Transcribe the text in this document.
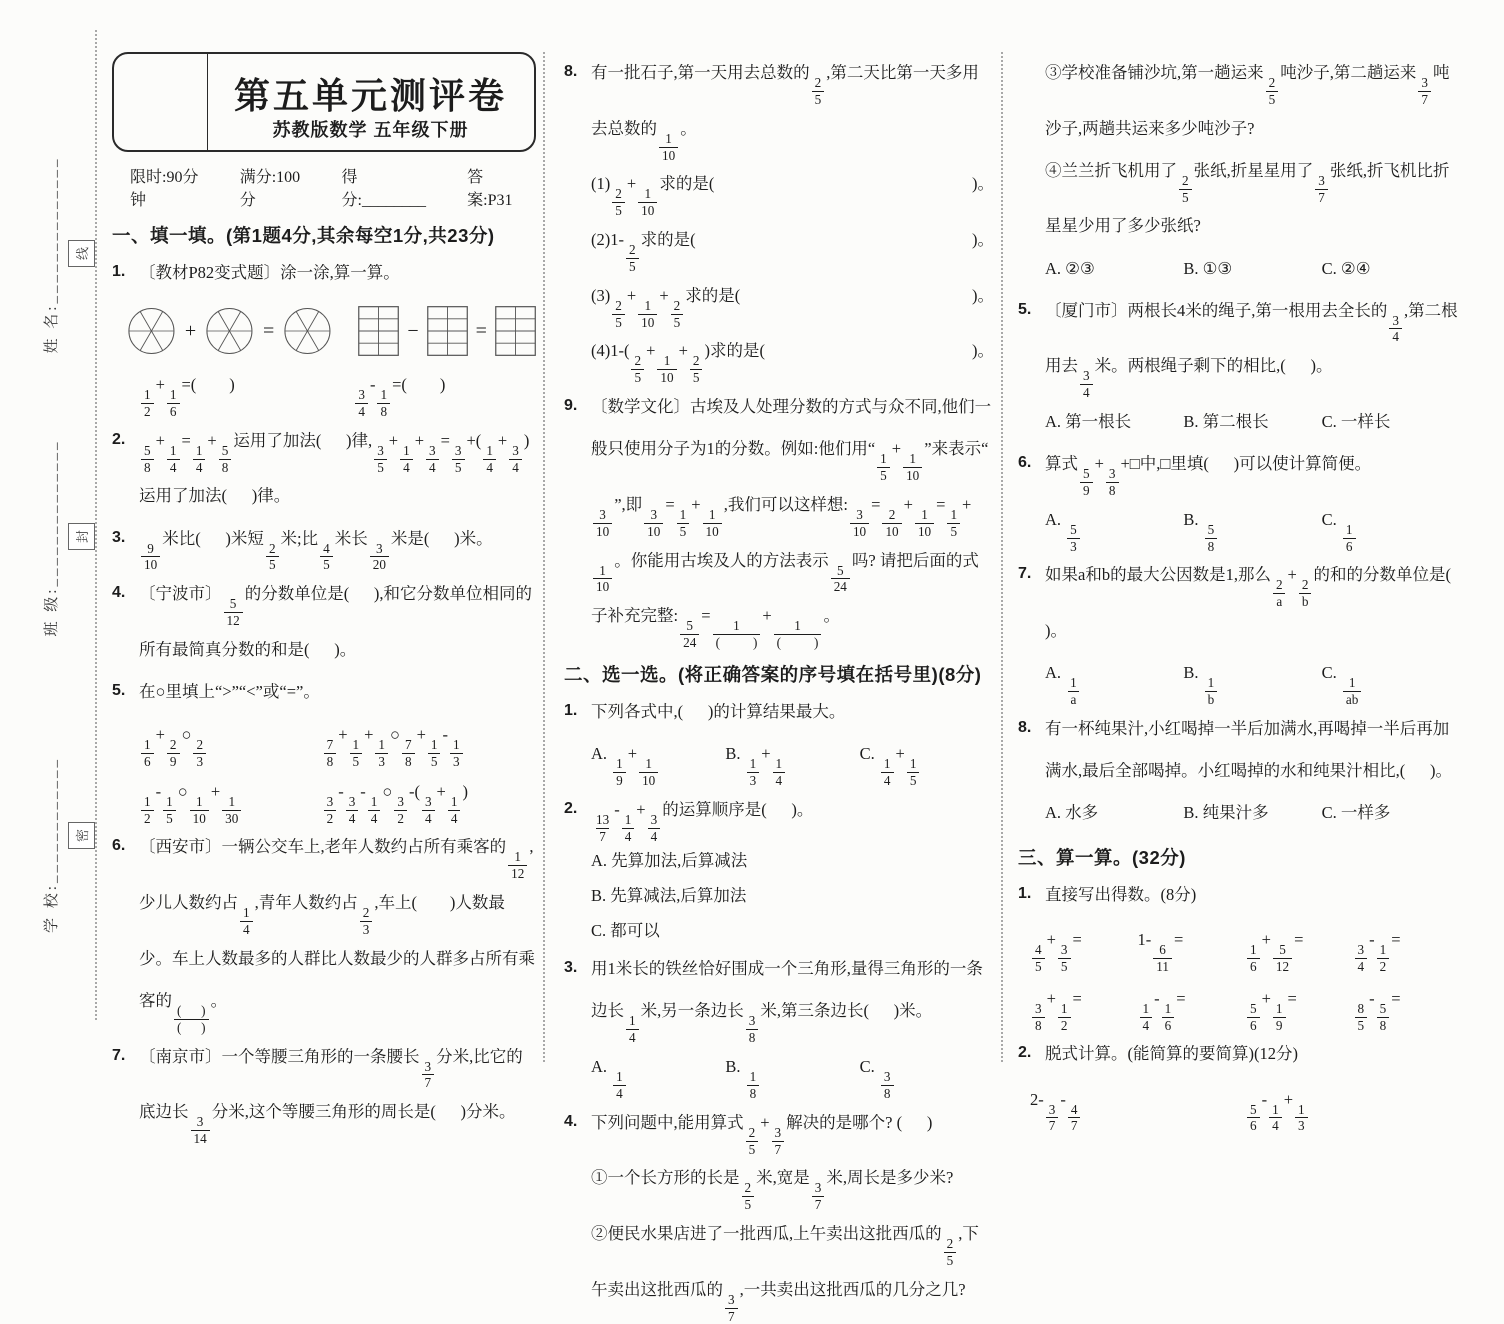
姓 名:______________
班 级:______________
学 校:____________
线
封
密
第五单元测评卷
苏教版数学 五年级下册
限时:90分钟
满分:100分
得分:________
答案:P31
一、填一填。(第1题4分,其余每空1分,共23分)
1. 〔教材P82变式题〕涂一涂,算一算。
+	=	−	=
$\frac{1}{2}$
+
$\frac{1}{6}$
=(        )
$\frac{3}{4}$
-
$\frac{1}{8}$
=(        )
2.
$\frac{5}{8}$
+
$\frac{1}{4}$
=
$\frac{1}{4}$
+
$\frac{5}{8}$
运用了加法(      )律,
$\frac{3}{5}$
+
$\frac{1}{4}$
+
$\frac{3}{4}$
=
$\frac{3}{5}$
+(
$\frac{1}{4}$
+
$\frac{3}{4}$
)运用了加法(      )律。
3.
$\frac{9}{10}$
米比(      )米短
$\frac{2}{5}$
米;比
$\frac{4}{5}$
米长
$\frac{3}{20}$
米是(      )米。
4. 〔宁波市〕
$\frac{5}{12}$
的分数单位是(      ),和它分数单位相同的所有最简真分数的和是(      )。
5. 在○里填上“>”“<”或“=”。
$\frac{1}{6}$
+
$\frac{2}{9}$
○
$\frac{2}{3}$	$\frac{7}{8}$
+
$\frac{1}{5}$
+
$\frac{1}{3}$
○
$\frac{7}{8}$
+
$\frac{1}{5}$
-
$\frac{1}{3}$
$\frac{1}{2}$
-
$\frac{1}{5}$
○
$\frac{1}{10}$
+
$\frac{1}{30}$	$\frac{3}{2}$
-
$\frac{3}{4}$
-
$\frac{1}{4}$
○
$\frac{3}{2}$
-(
$\frac{3}{4}$
+
$\frac{1}{4}$
)
6. 〔西安市〕一辆公交车上,老年人数约占所有乘客的
$\frac{1}{12}$
,少儿人数约占
$\frac{1}{4}$
,青年人数约占
$\frac{2}{3}$
,车上(        )人数最少。车上人数最多的人群比人数最少的人群多占所有乘客的
$\frac{( )}{( )}$
。
7. 〔南京市〕一个等腰三角形的一条腰长
$\frac{3}{7}$
分米,比它的底边长
$\frac{3}{14}$
分米,这个等腰三角形的周长是(      )分米。
8. 有一批石子,第一天用去总数的
$\frac{2}{5}$
,第二天比第一天多用去总数的
$\frac{1}{10}$
。
(1)
$\frac{2}{5}$
+
$\frac{1}{10}$
求的是(	)。
(2)1-
$\frac{2}{5}$
求的是(	)。
(3)
$\frac{2}{5}$
+
$\frac{1}{10}$
+
$\frac{2}{5}$
求的是(	)。
(4)1-(
$\frac{2}{5}$
+
$\frac{1}{10}$
+
$\frac{2}{5}$
)求的是(	)。
9. 〔数学文化〕古埃及人处理分数的方式与众不同,他们一般只使用分子为1的分数。例如:他们用“
$\frac{1}{5}$
+
$\frac{1}{10}$
”来表示“
$\frac{3}{10}$
”,即
$\frac{3}{10}$
=
$\frac{1}{5}$
+
$\frac{1}{10}$
,我们可以这样想:
$\frac{3}{10}$
=
$\frac{2}{10}$
+
$\frac{1}{10}$
=
$\frac{1}{5}$
+
$\frac{1}{10}$
。你能用古埃及人的方法表示
$\frac{5}{24}$
吗? 请把后面的式子补充完整:
$\frac{5}{24}$
=
$\frac{1}{( )}$
+
$\frac{1}{( )}$
。
二、选一选。(将正确答案的序号填在括号里)(8分)
1. 下列各式中,(      )的计算结果最大。
A.
$\frac{1}{9}$
+
$\frac{1}{10}$
B.
$\frac{1}{3}$
+
$\frac{1}{4}$
C.
$\frac{1}{4}$
+
$\frac{1}{5}$
2.
$\frac{13}{7}$
-
$\frac{1}{4}$
+
$\frac{3}{4}$
的运算顺序是(      )。
A. 先算加法,后算减法
B. 先算减法,后算加法
C. 都可以
3. 用1米长的铁丝恰好围成一个三角形,量得三角形的一条边长
$\frac{1}{4}$
米,另一条边长
$\frac{3}{8}$
米,第三条边长(      )米。
A.
$\frac{1}{4}$
B.
$\frac{1}{8}$
C.
$\frac{3}{8}$
4. 下列问题中,能用算式
$\frac{2}{5}$
+
$\frac{3}{7}$
解决的是哪个? (      )
①一个长方形的长是
$\frac{2}{5}$
米,宽是
$\frac{3}{7}$
米,周长是多少米?
②便民水果店进了一批西瓜,上午卖出这批西瓜的
$\frac{2}{5}$
,下午卖出这批西瓜的
$\frac{3}{7}$
,一共卖出这批西瓜的几分之几?
③学校准备铺沙坑,第一趟运来
$\frac{2}{5}$
吨沙子,第二趟运来
$\frac{3}{7}$
吨沙子,两趟共运来多少吨沙子?
④兰兰折飞机用了
$\frac{2}{5}$
张纸,折星星用了
$\frac{3}{7}$
张纸,折飞机比折星星少用了多少张纸?
A. ②③	B. ①③	C. ②④
5. 〔厦门市〕两根长4米的绳子,第一根用去全长的
$\frac{3}{4}$
,第二根用去
$\frac{3}{4}$
米。两根绳子剩下的相比,(      )。
A. 第一根长	B. 第二根长	C. 一样长
6. 算式
$\frac{5}{9}$
+
$\frac{3}{8}$
+□中,□里填(      )可以使计算简便。
A.
$\frac{5}{3}$
B.
$\frac{5}{8}$
C.
$\frac{1}{6}$
7. 如果a和b的最大公因数是1,那么
$\frac{2}{a}$
+
$\frac{2}{b}$
的和的分数单位是(      )。
A.
$\frac{1}{a}$
B.
$\frac{1}{b}$
C.
$\frac{1}{ab}$
8. 有一杯纯果汁,小红喝掉一半后加满水,再喝掉一半后再加满水,最后全部喝掉。小红喝掉的水和纯果汁相比,(      )。
A. 水多	B. 纯果汁多	C. 一样多
三、算一算。(32分)
1. 直接写出得数。(8分)
$\frac{4}{5}$
+
$\frac{3}{5}$
=	1-
$\frac{6}{11}$
=
$\frac{1}{6}$
+
$\frac{5}{12}$
=
$\frac{3}{4}$
-
$\frac{1}{2}$
=
$\frac{3}{8}$
+
$\frac{1}{2}$
=
$\frac{1}{4}$
-
$\frac{1}{6}$
=
$\frac{5}{6}$
+
$\frac{1}{9}$
=
$\frac{8}{5}$
-
$\frac{5}{8}$
=
2. 脱式计算。(能简算的要简算)(12分)
2-
$\frac{3}{7}$
-
$\frac{4}{7}$	$\frac{5}{6}$
-
$\frac{1}{4}$
+
$\frac{1}{3}$
